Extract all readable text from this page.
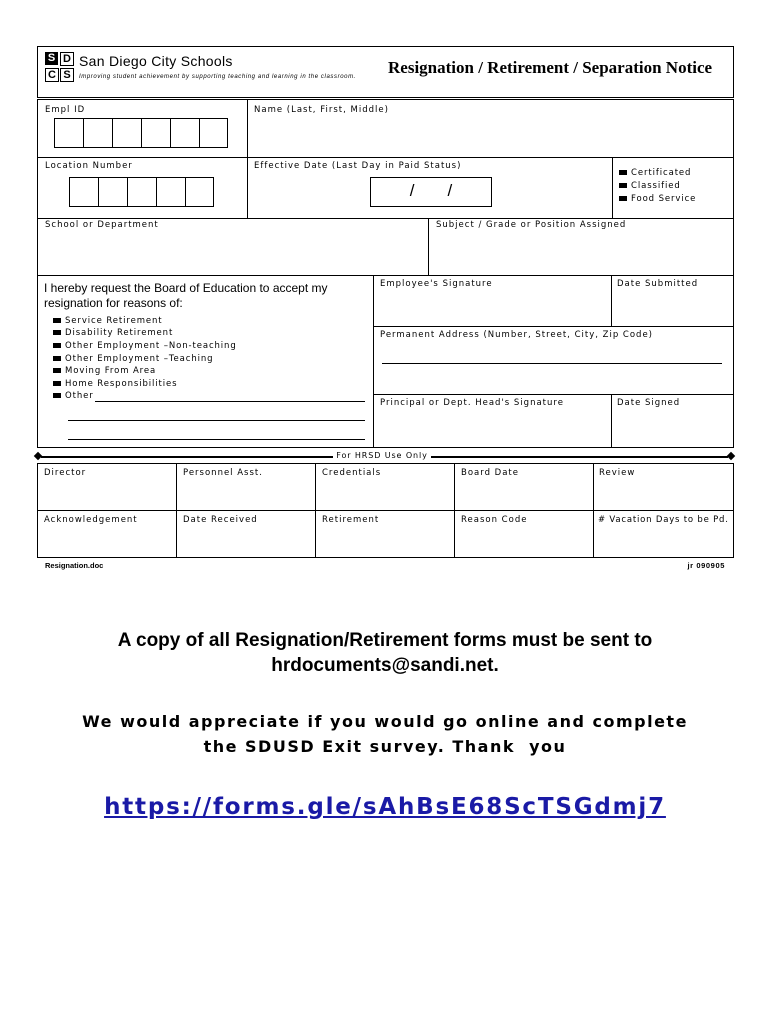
S D
C S
San Diego City Schools
Improving student achievement by supporting teaching and learning in the classroom. Resignation / Retirement / Separation Notice
Empl ID	Name (Last, First, Middle)
Location Number	Effective Date (Last Day in Paid Status)
/       /
Certificated
Classified
Food Service
School or Department	Subject / Grade or Position Assigned
I hereby request the Board of Education to accept my
resignation for reasons of:
Service Retirement
Disability Retirement
Other Employment –Non-teaching
Other Employment –Teaching
Moving From Area
Home Responsibilities
Other
Employee's Signature	Date Submitted
Permanent Address (Number, Street, City, Zip Code)
Principal or Dept. Head's Signature	Date Signed
For HRSD Use Only
Director	Personnel Asst.	Credentials	Board Date	Review
Acknowledgement	Date Received	Retirement	Reason Code	# Vacation Days to be Pd.
Resignation.doc	jr 090905
A copy of all Resignation/Retirement forms must be sent to
hrdocuments@sandi.net.
We would appreciate if you would go online and complete
the SDUSD Exit survey. Thank  you
https://forms.gle/sAhBsE68ScTSGdmj7
